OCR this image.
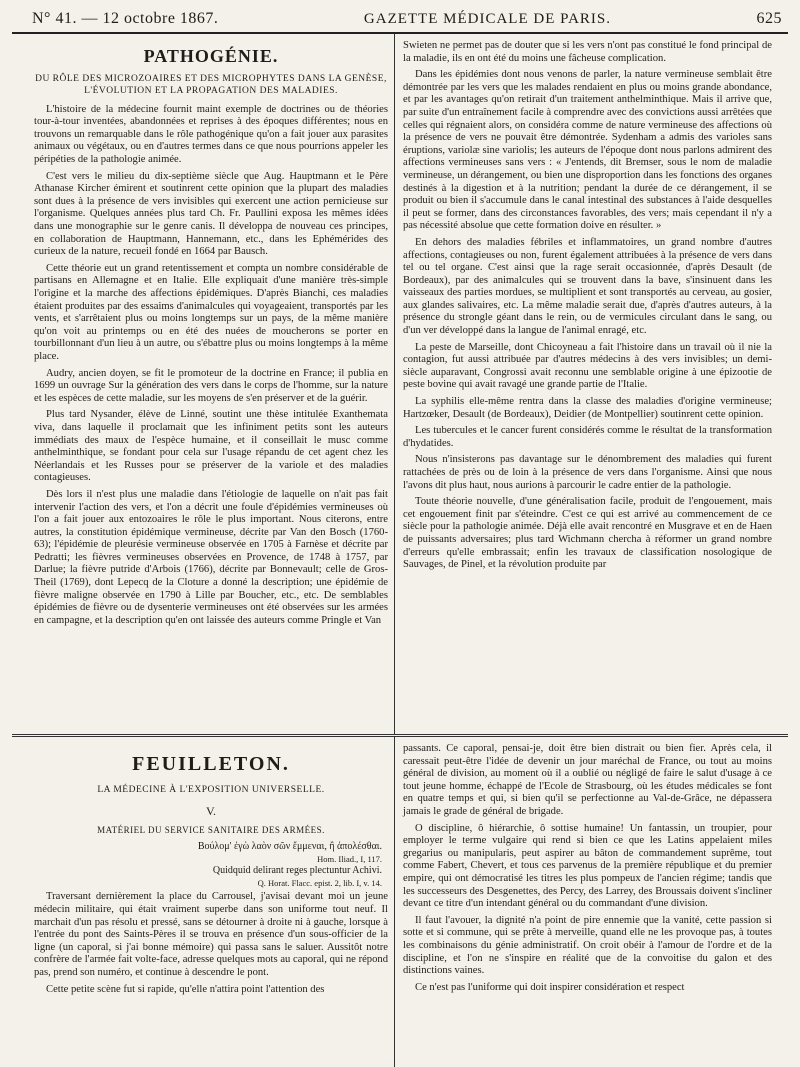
N° 41. — 12 octobre 1867.	GAZETTE MÉDICALE DE PARIS.	625
PATHOGÉNIE.
DU RÔLE DES MICROZOAIRES ET DES MICROPHYTES DANS LA GENÈSE, L'ÉVOLUTION ET LA PROPAGATION DES MALADIES.

L'histoire de la médecine fournit maint exemple de doctrines ou de théories tour-à-tour inventées, abandonnées et reprises à des époques différentes; nous en trouvons un remarquable dans le rôle pathogénique qu'on a fait jouer aux parasites animaux ou végétaux, ou en d'autres termes dans ce que nous pourrions appeler les péripéties de la pathologie animée.

C'est vers le milieu du dix-septième siècle que Aug. Hauptmann et le Père Athanase Kircher émirent et soutinrent cette opinion que la plupart des maladies sont dues à la présence de vers invisibles qui exercent une action pernicieuse sur l'organisme. Quelques années plus tard Ch. Fr. Paullini exposa les mêmes idées dans une monographie sur le genre canis. Il développa de nouveau ces principes, en collaboration de Hauptmann, Hannemann, etc., dans les Ephémérides des curieux de la nature, recueil fondé en 1664 par Bausch.

Cette théorie eut un grand retentissement et compta un nombre considérable de partisans en Allemagne et en Italie. Elle expliquait d'une manière très-simple l'origine et la marche des affections épidémiques. D'après Bianchi, ces maladies étaient produites par des essaims d'animalcules qui voyageaient, transportés par les vents, et s'arrêtaient plus ou moins longtemps sur un pays, de la même manière qu'on voit au printemps ou en été des nuées de moucherons se porter en tourbillonnant d'un lieu à un autre, ou s'ébattre plus ou moins longtemps à la même place.

Audry, ancien doyen, se fit le promoteur de la doctrine en France; il publia en 1699 un ouvrage Sur la génération des vers dans le corps de l'homme, sur la nature et les espèces de cette maladie, sur les moyens de s'en préserver et de la guérir.

Plus tard Nysander, élève de Linné, soutint une thèse intitulée Exanthemata viva, dans laquelle il proclamait que les infiniment petits sont les auteurs immédiats des maux de l'espèce humaine, et il conseillait le musc comme anthelminthique, se fondant pour cela sur l'usage répandu de cet agent chez les Néerlandais et les Russes pour se préserver de la variole et des maladies contagieuses.

Dès lors il n'est plus une maladie dans l'étiologie de laquelle on n'ait pas fait intervenir l'action des vers, et l'on a décrit une foule d'épidémies vermineuses où l'on a fait jouer aux entozoaires le rôle le plus important. Nous citerons, entre autres, la constitution épidémique vermineuse, décrite par Van den Bosch (1760-63); l'épidémie de pleurésie vermineuse observée en 1705 à Farnèse et décrite par Pedratti; les fièvres vermineuses observées en Provence, de 1748 à 1757, par Darlue; la fièvre putride d'Arbois (1766), décrite par Bonnevault; celle de Gros-Theil (1769), dont Lepecq de la Cloture a donné la description; une épidémie de fièvre maligne observée en 1790 à Lille par Boucher, etc., etc. De semblables épidémies de fièvre ou de dysenterie vermineuses ont été observées sur les armées en campagne, et la description qu'en ont laissée des auteurs comme Pringle et Van

Swieten ne permet pas de douter que si les vers n'ont pas constitué le fond principal de la maladie, ils en ont été du moins une fâcheuse complication.

Dans les épidémies dont nous venons de parler, la nature vermineuse semblait être démontrée par les vers que les malades rendaient en plus ou moins grande abondance, et par les avantages qu'on retirait d'un traitement anthelminthique. Mais il arrive que, par suite d'un entraînement facile à comprendre avec des convictions aussi arrêtées que celles qui régnaient alors, on considéra comme de nature vermineuse des affections où la présence de vers ne pouvait être démontrée. Sydenham a admis des varioles sans éruptions, variolæ sine variolis; les auteurs de l'époque dont nous parlons admirent des affections vermineuses sans vers : « J'entends, dit Bremser, sous le nom de maladie vermineuse, un dérangement, ou bien une disproportion dans les fonctions des organes destinés à la digestion et à la nutrition; pendant la durée de ce dérangement, il se produit ou bien il s'accumule dans le canal intestinal des substances à l'aide desquelles il peut se former, dans des circonstances favorables, des vers; mais cependant il n'y a pas nécessité absolue que cette formation doive en résulter. »

En dehors des maladies fébriles et inflammatoires, un grand nombre d'autres affections, contagieuses ou non, furent également attribuées à la présence de vers dans tel ou tel organe. C'est ainsi que la rage serait occasionnée, d'après Desault (de Bordeaux), par des animalcules qui se trouvent dans la bave, s'insinuent dans les vaisseaux des parties mordues, se multiplient et sont transportés au cerveau, au gosier, aux glandes salivaires, etc. La même maladie serait due, d'après d'autres auteurs, à la présence du strongle géant dans le rein, ou de vermicules circulant dans le sang, ou d'un ver développé dans la langue de l'animal enragé, etc.

La peste de Marseille, dont Chicoyneau a fait l'histoire dans un travail où il nie la contagion, fut aussi attribuée par d'autres médecins à des vers invisibles; un demi-siècle auparavant, Congrossi avait reconnu une semblable origine à une épizootie de peste bovine qui avait ravagé une grande partie de l'Italie.

La syphilis elle-même rentra dans la classe des maladies d'origine vermineuse; Hartzœker, Desault (de Bordeaux), Deidier (de Montpellier) soutinrent cette opinion.

Les tubercules et le cancer furent considérés comme le résultat de la transformation d'hydatides.

Nous n'insisterons pas davantage sur le dénombrement des maladies qui furent rattachées de près ou de loin à la présence de vers dans l'organisme. Ainsi que nous l'avons dit plus haut, nous aurions à parcourir le cadre entier de la pathologie.

Toute théorie nouvelle, d'une généralisation facile, produit de l'engouement, mais cet engouement finit par s'éteindre. C'est ce qui est arrivé au commencement de ce siècle pour la pathologie animée. Déjà elle avait rencontré en Musgrave et en de Haen de puissants adversaires; plus tard Wichmann chercha à réformer un grand nombre d'erreurs qu'elle embrassait; enfin les travaux de classification nosologique de Sauvages, de Pinel, et la révolution produite par

FEUILLETON.
LA MÉDECINE À L'EXPOSITION UNIVERSELLE.
V.
MATÉRIEL DU SERVICE SANITAIRE DES ARMÉES.
Βούλομ' ἐγὼ λαὸν σῶν ἔμμεναι, ἢ ἀπολέσθαι.
Hom. Iliad., I, 117.
Quidquid delirant reges plectuntur Achivi.
Q. Horat. Flacc. epist. 2, lib. I, v. 14.

Traversant dernièrement la place du Carrousel, j'avisai devant moi un jeune médecin militaire, qui était vraiment superbe dans son uniforme tout neuf. Il marchait d'un pas résolu et pressé, sans se détourner à droite ni à gauche, lorsque à l'entrée du pont des Saints-Pères il se trouva en présence d'un sous-officier de la ligne (un caporal, si j'ai bonne mémoire) qui passa sans le saluer. Aussitôt notre confrère de l'armée fait volte-face, adresse quelques mots au caporal, qui ne répond pas, prend son numéro, et continue à descendre le pont.

Cette petite scène fut si rapide, qu'elle n'attira point l'attention des

passants. Ce caporal, pensai-je, doit être bien distrait ou bien fier. Après cela, il caressait peut-être l'idée de devenir un jour maréchal de France, ou tout au moins général de division, au moment où il a oublié ou négligé de faire le salut d'usage à ce tout jeune homme, échappé de l'Ecole de Strasbourg, où les études médicales se font en quatre temps et qui, si bien qu'il se perfectionne au Val-de-Grâce, ne dépassera jamais le grade de général de brigade.

O discipline, ô hiérarchie, ô sottise humaine! Un fantassin, un troupier, pour employer le terme vulgaire qui rend si bien ce que les Latins appelaient miles gregarius ou manipularis, peut aspirer au bâton de commandement suprême, tout comme Fabert, Chevert, et tous ces parvenus de la première république et du premier empire, qui ont démocratisé les titres les plus pompeux de l'ancien régime; tandis que les successeurs des Desgenettes, des Percy, des Larrey, des Broussais doivent s'incliner devant ce titre d'un intendant général ou du commandant d'une division.

Il faut l'avouer, la dignité n'a point de pire ennemie que la vanité, cette passion si sotte et si commune, qui se prête à merveille, quand elle ne les provoque pas, à toutes les combinaisons du génie administratif. On croit obéir à l'amour de l'ordre et de la discipline, et l'on ne s'inspire en réalité que de la convoitise du galon et des distinctions vaines.

Ce n'est pas l'uniforme qui doit inspirer considération et respect
